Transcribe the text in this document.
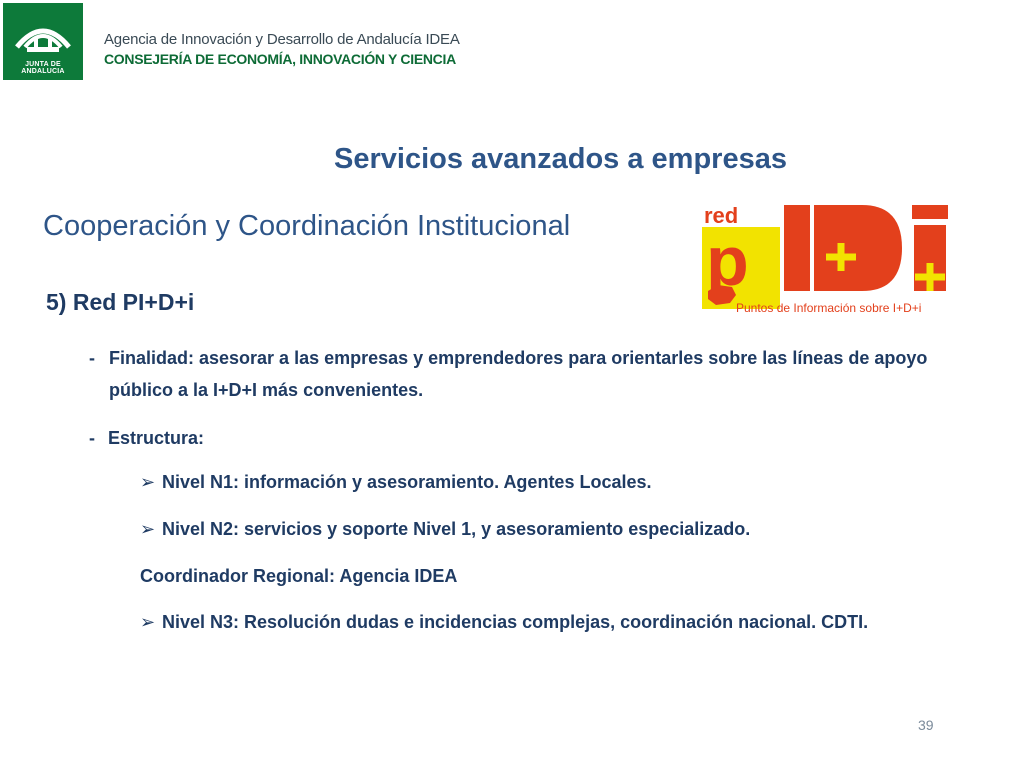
JUNTA DE ANDALUCIA
Agencia de Innovación y Desarrollo de Andalucía IDEA
CONSEJERÍA DE ECONOMÍA, INNOVACIÓN Y CIENCIA
Servicios avanzados a empresas
Cooperación y Coordinación Institucional	red
p
Puntos de Información sobre I+D+i
5) Red PI+D+i
- Finalidad: asesorar a las empresas y emprendedores para orientarles sobre las líneas de apoyo público a la I+D+I más convenientes.
- Estructura:
➢ Nivel N1: información y asesoramiento. Agentes Locales.
➢ Nivel N2: servicios y soporte Nivel 1, y asesoramiento especializado.
Coordinador Regional: Agencia IDEA
➢ Nivel N3: Resolución dudas e incidencias complejas, coordinación nacional. CDTI.
39
